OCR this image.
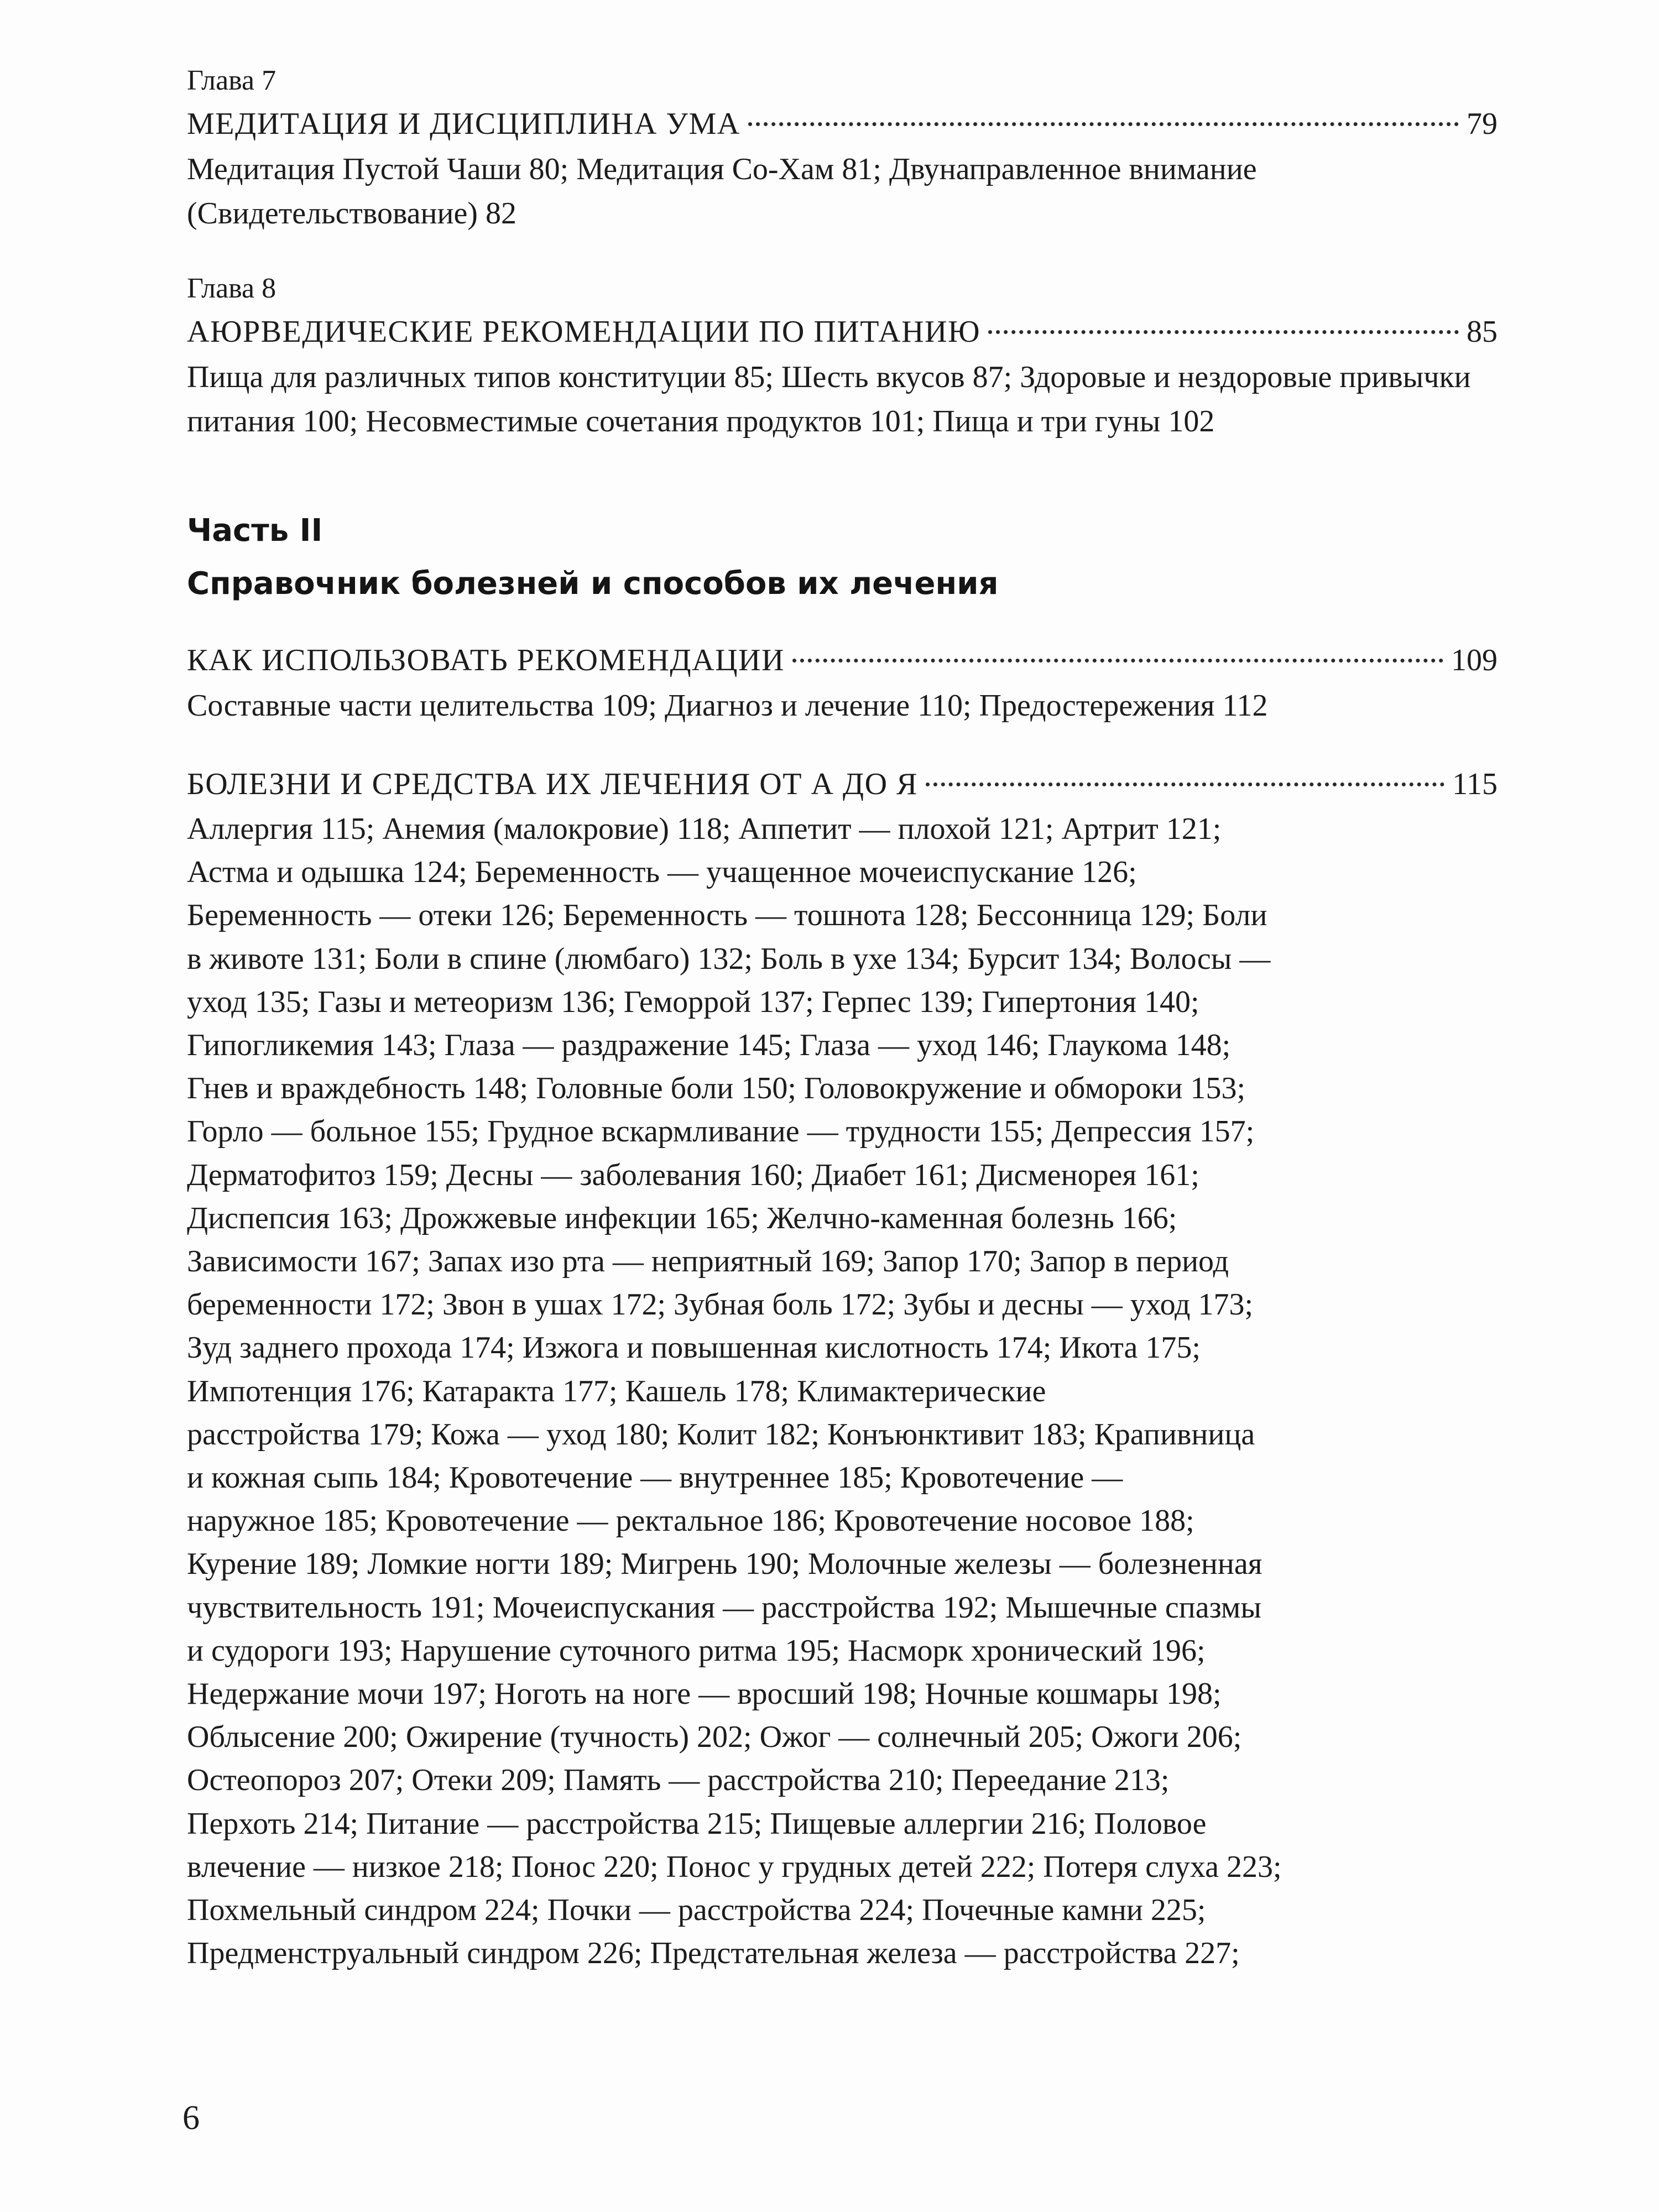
Глава 7

МЕДИТАЦИЯ И ДИСЦИПЛИНА УМА	79

Медитация Пустой Чаши 80; Медитация Со-Хам 81; Двунаправленное внимание (Свидетельствование) 82

Глава 8

АЮРВЕДИЧЕСКИЕ РЕКОМЕНДАЦИИ ПО ПИТАНИЮ	85

Пища для различных типов конституции 85; Шесть вкусов 87; Здоровые и нездоровые привычки питания 100; Несовместимые сочетания продуктов 101; Пища и три гуны 102

Часть II

Справочник болезней и способов их лечения

КАК ИСПОЛЬЗОВАТЬ РЕКОМЕНДАЦИИ	109

Составные части целительства 109; Диагноз и лечение 110; Предостережения 112

БОЛЕЗНИ И СРЕДСТВА ИХ ЛЕЧЕНИЯ ОТ А ДО Я	115
Аллергия 115; Анемия (малокровие) 118; Аппетит — плохой 121; Артрит 121;
Астма и одышка 124; Беременность — учащенное мочеиспускание 126;
Беременность — отеки 126; Беременность — тошнота 128; Бессонница 129; Боли
в животе 131; Боли в спине (люмбаго) 132; Боль в ухе 134; Бурсит 134; Волосы —
уход 135; Газы и метеоризм 136; Геморрой 137; Герпес 139; Гипертония 140;
Гипогликемия 143; Глаза — раздражение 145; Глаза — уход 146; Глаукома 148;
Гнев и враждебность 148; Головные боли 150; Головокружение и обмороки 153;
Горло — больное 155; Грудное вскармливание — трудности 155; Депрессия 157;
Дерматофитоз 159; Десны — заболевания 160; Диабет 161; Дисменорея 161;
Диспепсия 163; Дрожжевые инфекции 165; Желчно-каменная болезнь 166;
Зависимости 167; Запах изо рта — неприятный 169; Запор 170; Запор в период
беременности 172; Звон в ушах 172; Зубная боль 172; Зубы и десны — уход 173;
Зуд заднего прохода 174; Изжога и повышенная кислотность 174; Икота 175;
Импотенция 176; Катаракта 177; Кашель 178; Климактерические
расстройства 179; Кожа — уход 180; Колит 182; Конъюнктивит 183; Крапивница
и кожная сыпь 184; Кровотечение — внутреннее 185; Кровотечение —
наружное 185; Кровотечение — ректальное 186; Кровотечение носовое 188;
Курение 189; Ломкие ногти 189; Мигрень 190; Молочные железы — болезненная
чувствительность 191; Мочеиспускания — расстройства 192; Мышечные спазмы
и судороги 193; Нарушение суточного ритма 195; Насморк хронический 196;
Недержание мочи 197; Ноготь на ноге — вросший 198; Ночные кошмары 198;
Облысение 200; Ожирение (тучность) 202; Ожог — солнечный 205; Ожоги 206;
Остеопороз 207; Отеки 209; Память — расстройства 210; Переедание 213;
Перхоть 214; Питание — расстройства 215; Пищевые аллергии 216; Половое
влечение — низкое 218; Понос 220; Понос у грудных детей 222; Потеря слуха 223;
Похмельный синдром 224; Почки — расстройства 224; Почечные камни 225;
Предменструальный синдром 226; Предстательная железа — расстройства 227;
6
